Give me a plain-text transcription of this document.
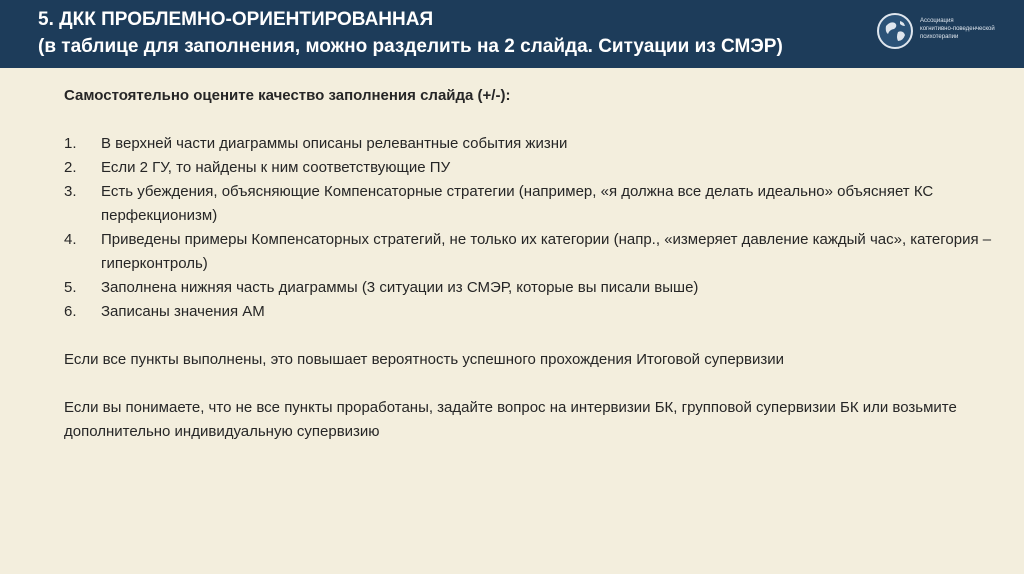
5. ДКК ПРОБЛЕМНО-ОРИЕНТИРОВАННАЯ
(в таблице для заполнения, можно разделить на 2 слайда. Ситуации из СМЭР)
Ассоциация
когнитивно-поведенческой
психотерапии
Самостоятельно оцените качество заполнения слайда (+/-):
1. В верхней части диаграммы описаны релевантные события жизни
2. Если 2 ГУ, то найдены к ним соответствующие ПУ
3. Есть убеждения, объясняющие Компенсаторные стратегии (например, «я должна все делать идеально» объясняет КС перфекционизм)
4. Приведены примеры Компенсаторных стратегий, не только их категории (напр., «измеряет давление каждый час», категория – гиперконтроль)
5. Заполнена нижняя часть диаграммы (3 ситуации из СМЭР, которые вы писали выше)
6. Записаны значения АМ
Если все пункты выполнены, это повышает вероятность успешного прохождения Итоговой супервизии
Если вы понимаете, что не все пункты проработаны, задайте вопрос на интервизии БК, групповой супервизии БК или возьмите дополнительно индивидуальную супервизию
